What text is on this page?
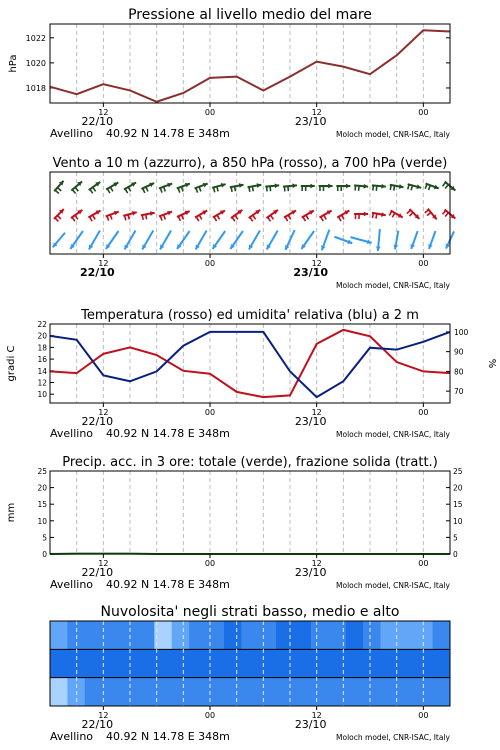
Pressione al livello medio del mare
1018
1020
1022
hPa
12	00	12	00
22/10	23/10
Avellino 40.92 N 14.78 E 348m	Moloch model, CNR-ISAC, Italy
Vento a 10 m (azzurro), a 850 hPa (rosso), a 700 hPa (verde)
12	00	12	00
22/10	23/10
Moloch model, CNR-ISAC, Italy
Temperatura (rosso) ed umidita' relativa (blu) a 2 m
10
12
14
16
18
20
22
70
80
90
100
gradi C	%
12	00	12	00
22/10	23/10
Avellino 40.92 N 14.78 E 348m	Moloch model, CNR-ISAC, Italy
Precip. acc. in 3 ore: totale (verde), frazione solida (tratt.)
0	0
5	5
10	10
15	15
20	20
25	25
mm
12	00	12	00
22/10	23/10
Avellino 40.92 N 14.78 E 348m	Moloch model, CNR-ISAC, Italy
Nuvolosita' negli strati basso, medio e alto
12	00	12	00
22/10	23/10
Avellino 40.92 N 14.78 E 348m	Moloch model, CNR-ISAC, Italy
